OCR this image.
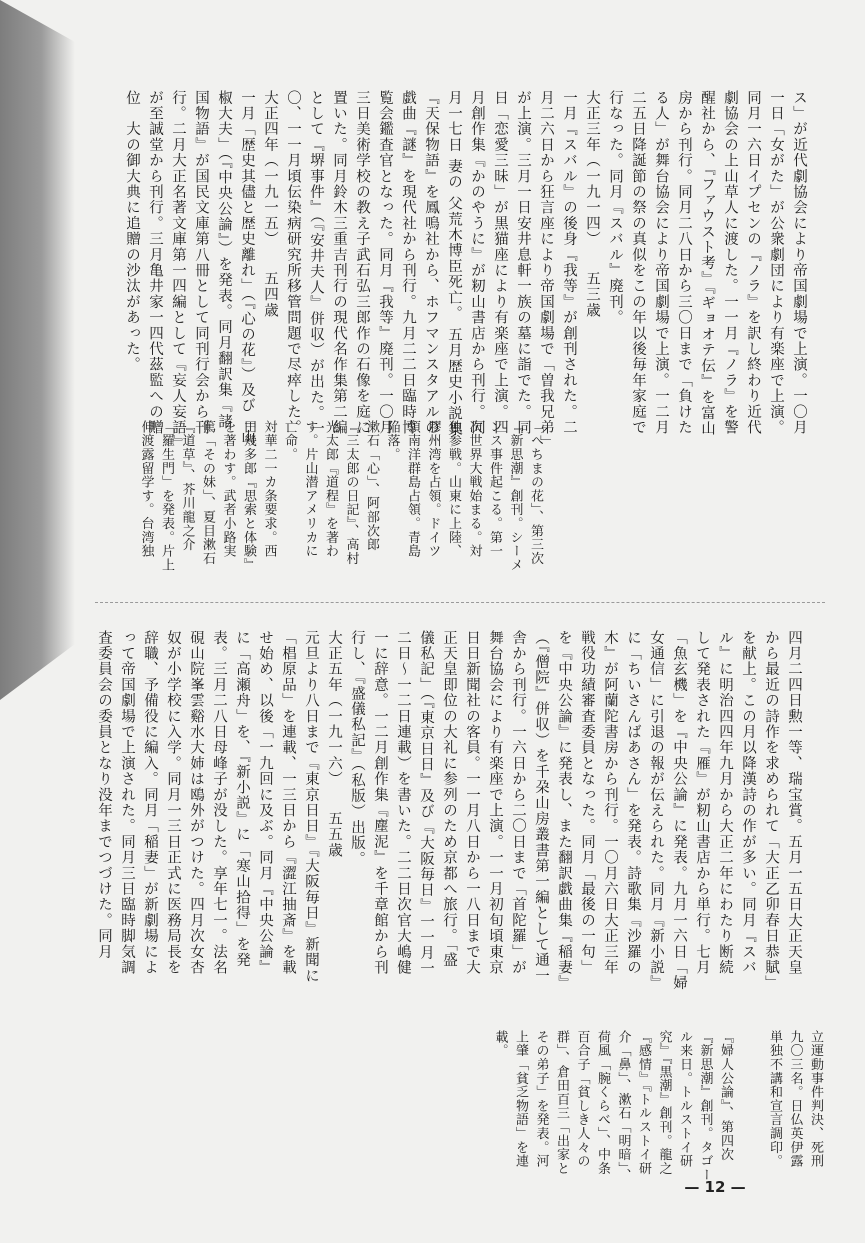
ス」が近代劇協会により帝国劇場で上演。一〇月

一日「女がた」が公衆劇団により有楽座で上演。

同月一六日イプセンの『ノラ』を訳し終わり近代

劇協会の上山草人に渡した。一一月『ノラ』を警

醒社から、『ファウスト考』『ギョオテ伝』を富山

房から刊行。同月二八日から三〇日まで「負けた

る人」が舞台協会により帝国劇場で上演。一二月

二五日降誕節の祭の真似をこの年以後毎年家庭で

行なった。同月『スバル』廃刊。

大正三年（一九一四）　　五三歳

一月『スバル』の後身『我等』が創刊された。二

月二六日から狂言座により帝国劇場で「曽我兄弟」

が上演。三月一日安井息軒一族の墓に詣でた。同

日「恋愛三昧」が黒猫座により有楽座で上演。四

月創作集『かのやうに』が籾山書店から刊行。同

月一七日 妻の 父荒木博臣死亡。 五月歴史小説集

『天保物語』を鳳鳴社から、ホフマンスタアルの

戯曲『謎』を現代社から刊行。九月二二日臨時博

覧会鑑査官となった。同月『我等』廃刊。一〇月

三日美術学校の教え子武石弘三郎作の石像を庭に

置いた。同月鈴木三重吉刊行の現代名作集第二編

として『堺事件』（『安井夫人』併収）が出た。一

〇、一一月頃伝染病研究所移管問題で尽瘁した。

大正四年（一九一五）　　五四歳

一月「歴史其儘と歴史離れ」（『心の花』）及び「山

椒大夫」（『中央公論』）を発表。同月翻訳集『諸

国物語』が国民文庫第八冊として同刊行会から刊

行。二月大正名著文庫第一四編として『妄人妄語』

が至誠堂から刊行。三月亀井家一四代茲監への贈

位　大の御大典に追贈の沙汰があった。

「へちまの花」、第三次

『新思潮』創刊。シーメ

ンス事件起こる。第一

次世界大戦始まる。対

独参戦。山東に上陸、

膠州湾を占領。ドイツ

領南洋群島占領。青島

陥落。

漱石「心」、阿部次郎

『三太郎の日記』、高村

光太郎『道程』を著わ

す。片山潜アメリカに

亡命。

対華二一カ条要求。西

田幾多郎『思索と体験』

を著わす。武者小路実

篤「その妹」、夏目漱石

『道草』、芥川龍之介

「羅生門」を発表。片上

伸渡露留学す。台湾独

立運動事件判決、死刑

九〇三名。日仏英伊露

単独不講和宣言調印。

四月二四日勲一等、瑞宝賞。五月一五日大正天皇

から最近の詩作を求められて「大正乙卯春日恭賦」

を献上。この月以降漢詩の作が多い。同月『スバ

ル』に明治四四年九月から大正二年にわたり断続

して発表された『雁』が籾山書店から単行。七月

「魚玄機」を『中央公論』に発表。九月一六日「婦

女通信」に引退の報が伝えられた。同月『新小説』

に「ちいさんばあさん」を発表。詩歌集『沙羅の

木』が阿蘭陀書房から刊行。一〇月六日大正三年

戦役功績審査委員となった。同月「最後の一句」

を『中央公論』に発表し、また翻訳戯曲集『稲妻』

（『僧院』併収）を千朶山房叢書第一編として通一

舎から刊行。一六日から二〇日まで「首陀羅」が

舞台協会により有楽座で上演。一一月初旬頃東京

日日新聞社の客員。一一月八日から一八日まで大

正天皇即位の大礼に参列のため京都へ旅行。「盛

儀私記」（『東京日日』及び『大阪毎日』一一月一

二日～一二日連載）を書いた。二二日次官大嶋健

一に辞意。一二月創作集『塵泥』を千章館から刊

行し、『盛儀私記』（私版）出版。

大正五年（一九一六）　　五五歳

元旦より八日まで『東京日日』『大阪毎日』新聞に

「椙原品」を連載、一三日から『澀江抽斎』を載

せ始め、以後「一九回に及ぶ。同月『中央公論』

に「高瀬舟」を、『新小説』に「寒山拾得」を発

表。三月二八日母峰子が没した。享年七一。法名

硯山院峯雲谿水大姉は鴎外がつけた。四月次女杏

奴が小学校に入学。同月一三日正式に医務局長を

辞職、予備役に編入。同月「稲妻」が新劇場によ

って帝国劇場で上演された。同月三日臨時脚気調

査委員会の委員となり没年までつづけた。同月

『婦人公論』、第四次

『新思潮』創刊。タゴー

ル来日。トルストイ研

究』『黒潮』創刊。龍之

『感情』『トルストイ研

介「鼻」、漱石「明暗」、

荷風「腕くらべ」、中条

百合子「貧しき人々の

群」、倉田百三「出家と

その弟子」を発表。河

上肇「貧乏物語」を連

載。

— 12 —
